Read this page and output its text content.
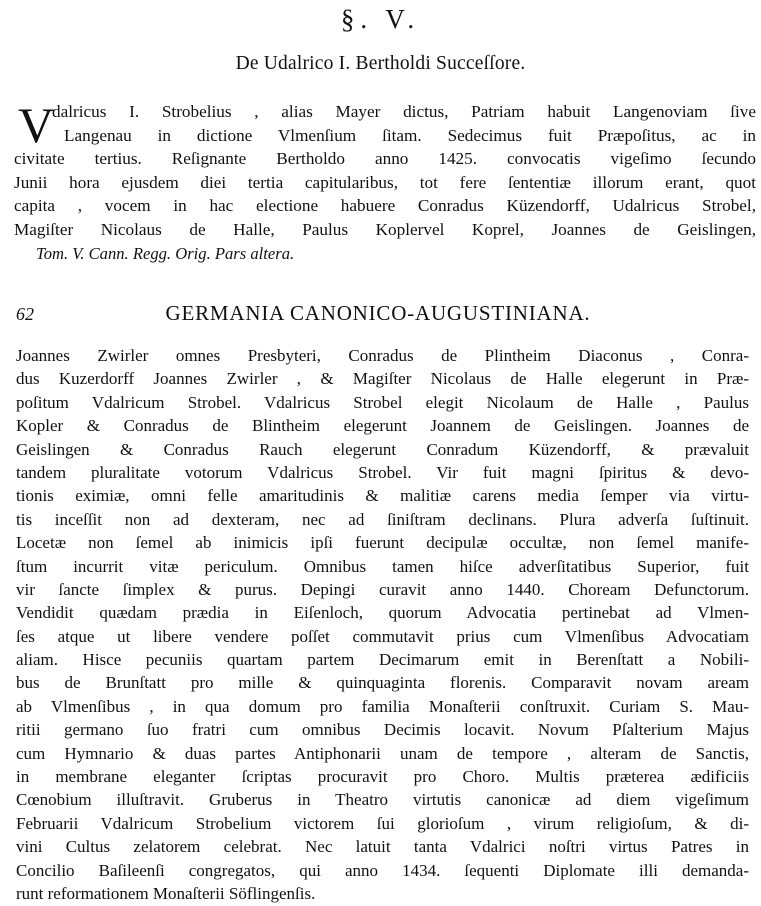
§. V.
De Udalrico I. Bertholdi Succeſſore.
V
dalricus I. Strobelius , alias Mayer dictus, Patriam habuit Langenoviam ſive
Langenau in dictione Vlmenſium ſitam. Sedecimus fuit Præpoſitus, ac in
civitate tertius. Reſignante Bertholdo anno 1425. convocatis vigeſimo ſecundo
Junii hora ejusdem diei tertia capitularibus, tot fere ſententiæ illorum erant, quot
capita , vocem in hac electione habuere Conradus Küzendorff, Udalricus Strobel,
Magiſter Nicolaus de Halle, Paulus Koplervel Koprel, Joannes de Geislingen,
Tom. V. Cann. Regg. Orig. Pars altera.
62	GERMANIA CANONICO-AUGUSTINIANA.
Joannes Zwirler omnes Presbyteri, Conradus de Plintheim Diaconus , Conra-
dus Kuzerdorff Joannes Zwirler , & Magiſter Nicolaus de Halle elegerunt in Præ-
poſitum Vdalricum Strobel. Vdalricus Strobel elegit Nicolaum de Halle , Paulus
Kopler & Conradus de Blintheim elegerunt Joannem de Geislingen. Joannes de
Geislingen & Conradus Rauch elegerunt Conradum Küzendorff, & prævaluit
tandem pluralitate votorum Vdalricus Strobel. Vir fuit magni ſpiritus & devo-
tionis eximiæ, omni felle amaritudinis & malitiæ carens media ſemper via virtu-
tis inceſſit non ad dexteram, nec ad ſiniſtram declinans. Plura adverſa ſuſtinuit.
Locetæ non ſemel ab inimicis ipſi fuerunt decipulæ occultæ, non ſemel manife-
ſtum incurrit vitæ periculum. Omnibus tamen hiſce adverſitatibus Superior, fuit
vir ſancte ſimplex & purus. Depingi curavit anno 1440. Choream Defunctorum.
Vendidit quædam prædia in Eiſenloch, quorum Advocatia pertinebat ad Vlmen-
ſes atque ut libere vendere poſſet commutavit prius cum Vlmenſibus Advocatiam
aliam. Hisce pecuniis quartam partem Decimarum emit in Berenſtatt a Nobili-
bus de Brunſtatt pro mille & quinquaginta florenis. Comparavit novam aream
ab Vlmenſibus , in qua domum pro familia Monaſterii conſtruxit. Curiam S. Mau-
ritii germano ſuo fratri cum omnibus Decimis locavit. Novum Pſalterium Majus
cum Hymnario & duas partes Antiphonarii unam de tempore , alteram de Sanctis,
in membrane eleganter ſcriptas procuravit pro Choro. Multis præterea ædificiis
Cœnobium illuſtravit. Gruberus in Theatro virtutis canonicæ ad diem vigeſimum
Februarii Vdalricum Strobelium victorem ſui glorioſum , virum religioſum, & di-
vini Cultus zelatorem celebrat. Nec latuit tanta Vdalrici noſtri virtus Patres in
Concilio Baſileenſi congregatos, qui anno 1434. ſequenti Diplomate illi demanda-
runt reformationem Monaſterii Söflingenſis.
